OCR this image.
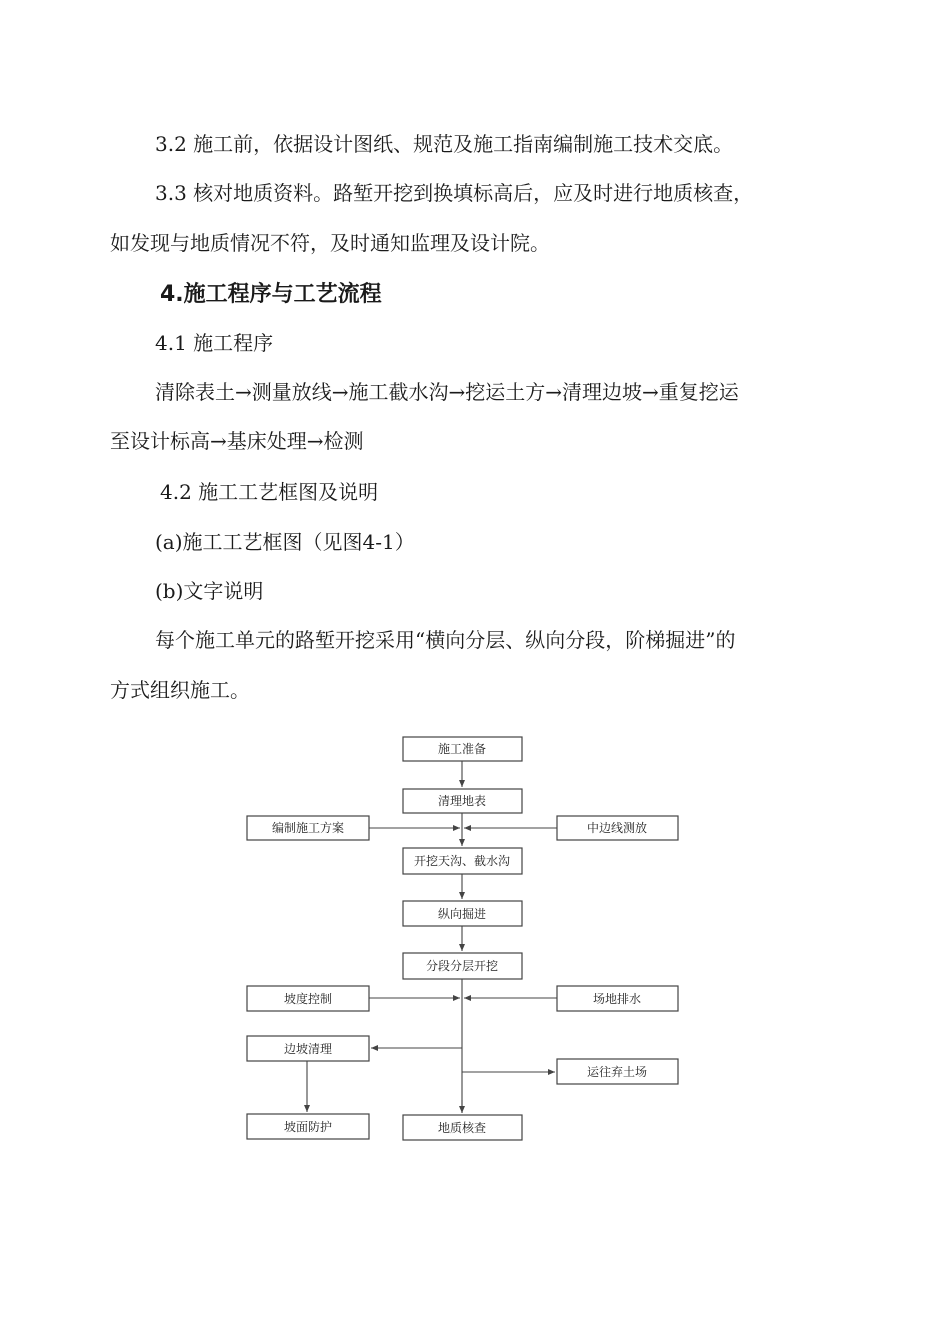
3.2 施工前，依据设计图纸、规范及施工指南编制施工技术交底。
3.3 核对地质资料。路堑开挖到换填标高后，应及时进行地质核查，
如发现与地质情况不符，及时通知监理及设计院。
4.施工程序与工艺流程
4.1 施工程序
清除表土→测量放线→施工截水沟→挖运土方→清理边坡→重复挖运
至设计标高→基床处理→检测
4.2 施工工艺框图及说明
(a)施工工艺框图（见图4-1）
(b)文字说明
每个施工单元的路堑开挖采用“横向分层、纵向分段，阶梯掘进”的
方式组织施工。
施工准备
清理地表
编制施工方案	中边线测放
开挖天沟、截水沟
纵向掘进
分段分层开挖
坡度控制	场地排水
边坡清理
运往弃土场
坡面防护	地质核查
